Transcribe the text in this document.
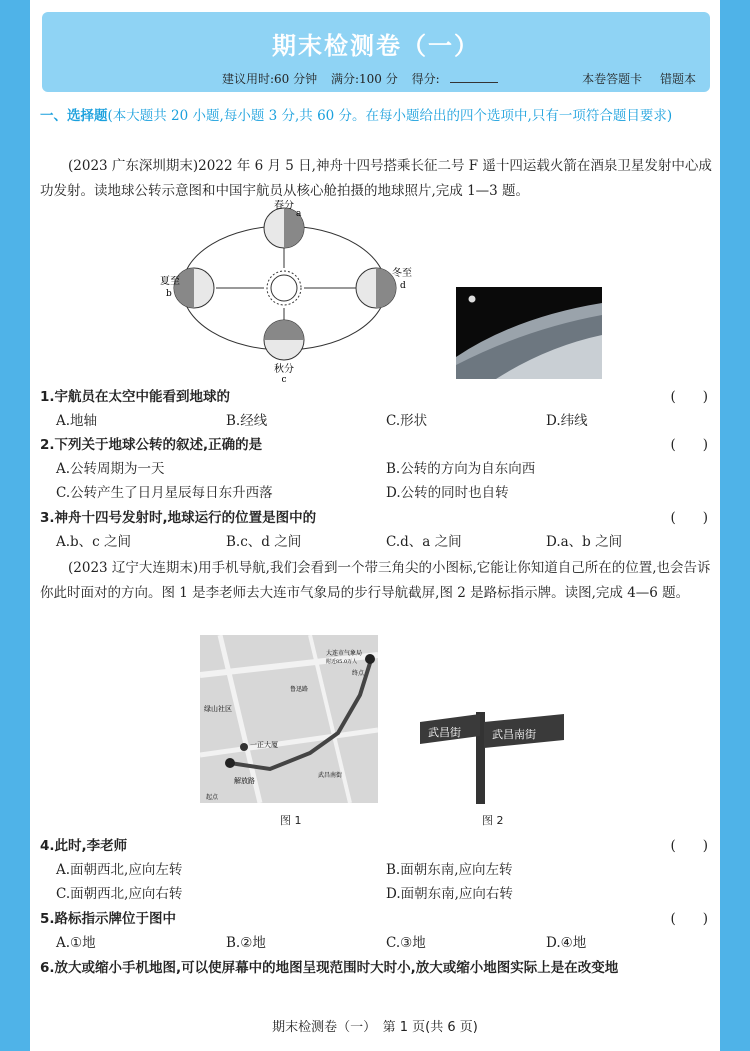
期末检测卷（一）
建议用时:60 分钟 满分:100 分 得分:	本卷答题卡 错题本
一、选择题(本大题共 20 小题,每小题 3 分,共 60 分。在每小题给出的四个选项中,只有一项符合题目要求)
(2023 广东深圳期末)2022 年 6 月 5 日,神舟十四号搭乘长征二号 F 遥十四运载火箭在酒泉卫星发射中心成功发射。读地球公转示意图和中国宇航员从核心舱拍摄的地球照片,完成 1—3 题。
春分
a
夏至
b
秋分
c
冬至
d
1.宇航员在太空中能看到地球的	(　　)
A.地轴	B.经线	C.形状	D.纬线
2.下列关于地球公转的叙述,正确的是	(　　)
A.公转周期为一天	B.公转的方向为自东向西
C.公转产生了日月星辰每日东升西落	D.公转的同时也自转
3.神舟十四号发射时,地球运行的位置是图中的	(　　)
A.b、c 之间	B.c、d 之间	C.d、a 之间	D.a、b 之间
(2023 辽宁大连期末)用手机导航,我们会看到一个带三角尖的小图标,它能让你知道自己所在的位置,也会告诉你此时面对的方向。图 1 是李老师去大连市气象局的步行导航截屏,图 2 是路标指示牌。读图,完成 4—6 题。
大连市气象局
附近85.0万人
绿山社区
一正大厦
解放路
武昌南街
鲁迅路
起点
终点
武昌街	武昌南街
图 1	图 2
4.此时,李老师	(　　)
A.面朝西北,应向左转	B.面朝东南,应向左转
C.面朝西北,应向右转	D.面朝东南,应向右转
5.路标指示牌位于图中	(　　)
A.①地	B.②地	C.③地	D.④地
6.放大或缩小手机地图,可以使屏幕中的地图呈现范围时大时小,放大或缩小地图实际上是在改变地
期末检测卷（一）　第 1 页(共 6 页)
